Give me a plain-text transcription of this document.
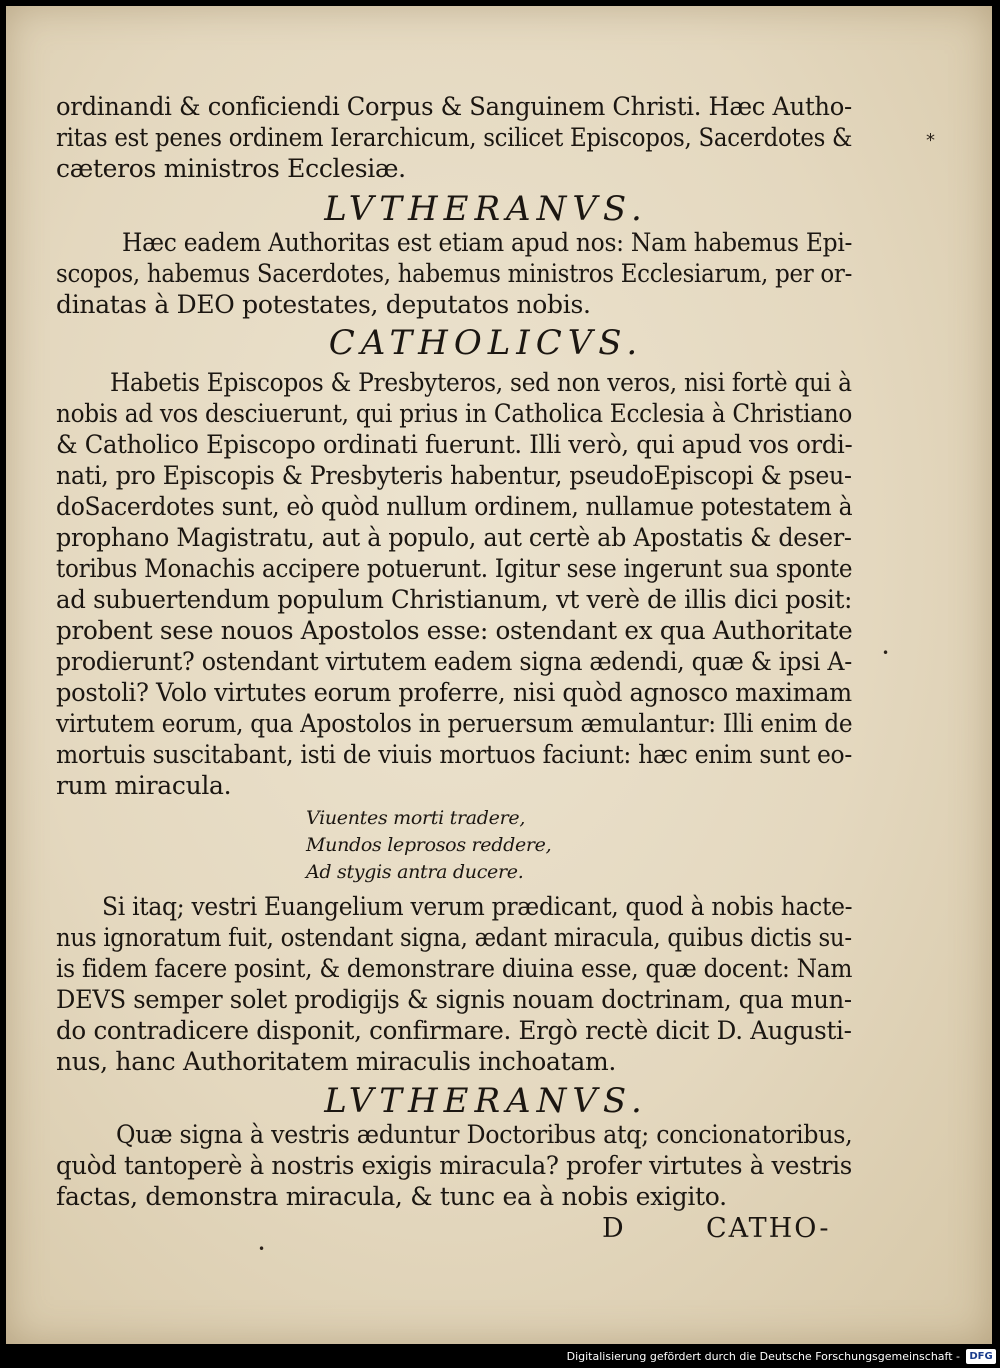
ordinandi & conficiendi Corpus & Sanguinem Christi. Hæc Autho-
ritas est penes ordinem Ierarchicum, scilicet Episcopos, Sacerdotes &
cæteros ministros Ecclesiæ.
LVTHERANVS.
Hæc eadem Authoritas est etiam apud nos: Nam habemus Epi-
scopos, habemus Sacerdotes, habemus ministros Ecclesiarum, per or-
dinatas à DEO potestates, deputatos nobis.
CATHOLICVS.
Habetis Episcopos & Presbyteros, sed non veros, nisi fortè qui à
nobis ad vos desciuerunt, qui prius in Catholica Ecclesia à Christiano
& Catholico Episcopo ordinati fuerunt. Illi verò, qui apud vos ordi-
nati, pro Episcopis & Presbyteris habentur, pseudoEpiscopi & pseu-
doSacerdotes sunt, eò quòd nullum ordinem, nullamue potestatem à
prophano Magistratu, aut à populo, aut certè ab Apostatis & deser-
toribus Monachis accipere potuerunt. Igitur sese ingerunt sua sponte
ad subuertendum populum Christianum, vt verè de illis dici posit:
probent sese nouos Apostolos esse: ostendant ex qua Authoritate
prodierunt? ostendant virtutem eadem signa ædendi, quæ & ipsi A-
postoli? Volo virtutes eorum proferre, nisi quòd agnosco maximam
virtutem eorum, qua Apostolos in peruersum æmulantur: Illi enim de
mortuis suscitabant, isti de viuis mortuos faciunt: hæc enim sunt eo-
rum miracula.
Viuentes morti tradere,
Mundos leprosos reddere,
Ad stygis antra ducere.
Si itaq; vestri Euangelium verum prædicant, quod à nobis hacte-
nus ignoratum fuit, ostendant signa, ædant miracula, quibus dictis su-
is fidem facere posint, & demonstrare diuina esse, quæ docent: Nam
DEVS semper solet prodigijs & signis nouam doctrinam, qua mun-
do contradicere disponit, confirmare. Ergò rectè dicit D. Augusti-
nus, hanc Authoritatem miraculis inchoatam.
LVTHERANVS.
Quæ signa à vestris æduntur Doctoribus atq; concionatoribus,
quòd tantoperè à nostris exigis miracula? profer virtutes à vestris
factas, demonstra miracula, & tunc ea à nobis exigito.
D	CATHO-
*
•
•
Digitalisierung gefördert durch die Deutsche Forschungsgemeinschaft - DFG
